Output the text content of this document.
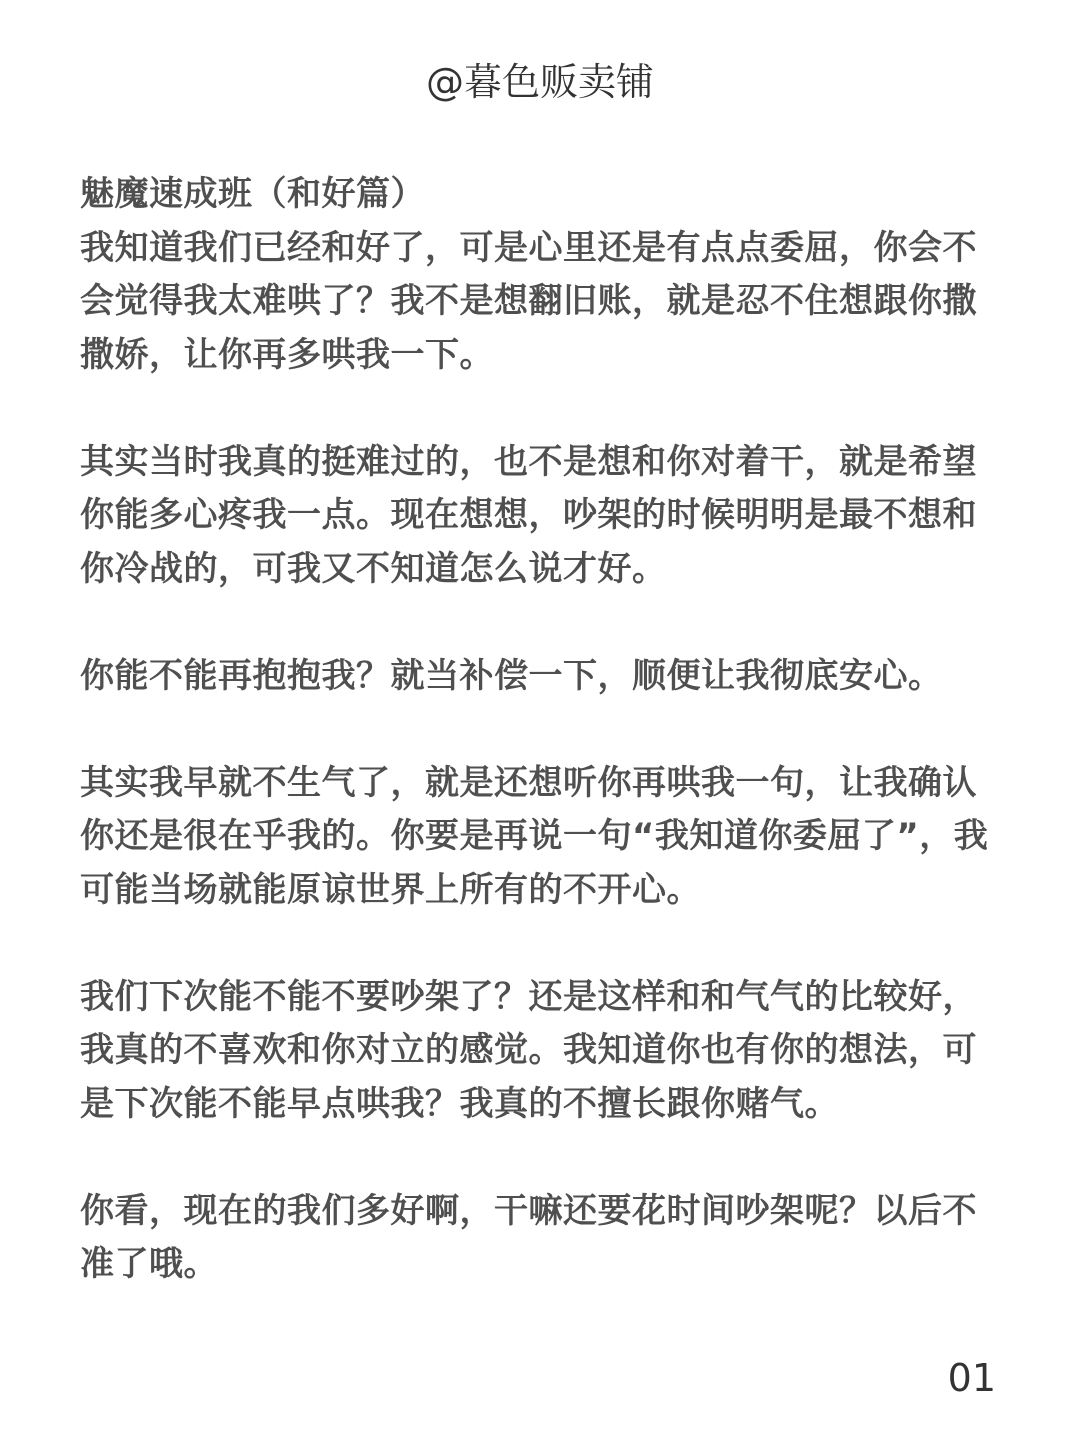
@暮色贩卖铺
魅魔速成班（和好篇）
我知道我们已经和好了，可是心里还是有点点委屈，你会不会觉得我太难哄了？我不是想翻旧账，就是忍不住想跟你撒撒娇，让你再多哄我一下。
其实当时我真的挺难过的，也不是想和你对着干，就是希望你能多心疼我一点。现在想想，吵架的时候明明是最不想和你冷战的，可我又不知道怎么说才好。
你能不能再抱抱我？就当补偿一下，顺便让我彻底安心。
其实我早就不生气了，就是还想听你再哄我一句，让我确认你还是很在乎我的。你要是再说一句“我知道你委屈了”，我可能当场就能原谅世界上所有的不开心。
我们下次能不能不要吵架了？还是这样和和气气的比较好，我真的不喜欢和你对立的感觉。我知道你也有你的想法，可是下次能不能早点哄我？我真的不擅长跟你赌气。
你看，现在的我们多好啊，干嘛还要花时间吵架呢？以后不准了哦。
01
